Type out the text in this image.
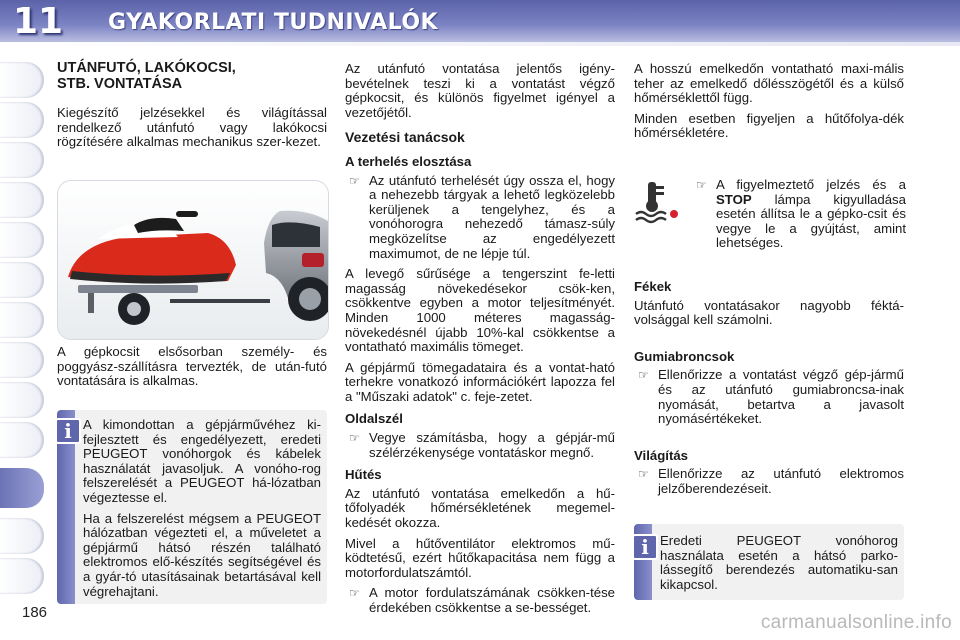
11 GYAKORLATI TUDNIVALÓK
186
UTÁNFUTÓ, LAKÓKOCSI,
STB. VONTATÁSA

Kiegészítő jelzésekkel és világítással rendelkező utánfutó vagy lakókocsi rögzítésére alkalmas mechanikus szer-kezet.

A gépkocsit elsősorban személy- és poggyász-szállításra tervezték, de után-futó vontatására is alkalmas.

i A kimondottan a gépjárművéhez ki-fejlesztett és engedélyezett, eredeti PEUGEOT vonóhorgok és kábelek használatát javasoljuk. A vonóho-rog felszerelését a PEUGEOT há-lózatban végeztesse el.

Ha a felszerelést mégsem a PEUGEOT hálózatban végezteti el, a műveletet a gépjármű hátsó részén található elektromos elő-készítés segítségével és a gyár-tó utasításainak betartásával kell végrehajtani.

Az utánfutó vontatása jelentős igény-bevételnek teszi ki a vontatást végző gépkocsit, és különös figyelmet igényel a vezetőjétől.

Vezetési tanácsok
A terhelés elosztása
☞ Az utánfutó terhelését úgy ossza el, hogy a nehezebb tárgyak a lehető legközelebb kerüljenek a tengelyhez, és a vonóhorogra nehezedő támasz-súly megközelítse az engedélyezett maximumot, de ne lépje túl.

A levegő sűrűsége a tengerszint fe-letti magasság növekedésekor csök-ken, csökkentve egyben a motor teljesítményét. Minden 1000 méteres magasság-növekedésnél újabb 10%-kal csökkentse a vontatható maximális tömeget.

A gépjármű tömegadataira és a vontat-ható terhekre vonatkozó információkért lapozza fel a "Műszaki adatok" c. feje-zetet.

Oldalszél
☞ Vegye számításba, hogy a gépjár-mű szélérzékenysége vontatáskor megnő.
Hűtés

Az utánfutó vontatása emelkedőn a hű-tőfolyadék hőmérsékletének megemel-kedését okozza.

Mivel a hűtőventilátor elektromos mű-ködtetésű, ezért hűtőkapacitása nem függ a motorfordulatszámtól.

☞ A motor fordulatszámának csökken-tése érdekében csökkentse a se-bességet.

A hosszú emelkedőn vontatható maxi-mális teher az emelkedő dőlésszögétől és a külső hőmérséklettől függ.

Minden esetben figyeljen a hűtőfolya-dék hőmérsékletére.

☞ A figyelmeztető jelzés és a STOP lámpa kigyulladása esetén állítsa le a gépko-csit és vegye le a gyújtást, amint lehetséges.
Fékek

Utánfutó vontatásakor nagyobb féktá-volsággal kell számolni.

Gumiabroncsok
☞ Ellenőrizze a vontatást végző gép-jármű és az utánfutó gumiabroncsa-inak nyomását, betartva a javasolt nyomásértékeket.
Világítás
☞ Ellenőrizze az utánfutó elektromos jelzőberendezéseit.
i Eredeti PEUGEOT vonóhorog használata esetén a hátsó parko-lássegítő berendezés automatiku-san kikapcsol.
carmanualsonline.info
